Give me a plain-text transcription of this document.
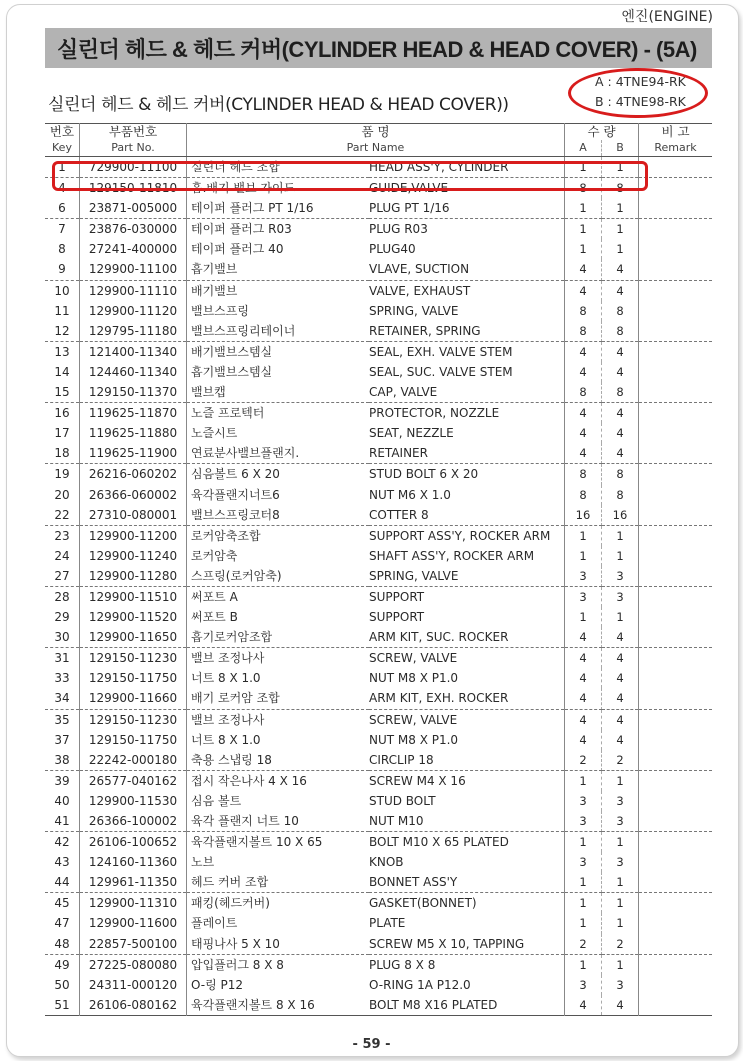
엔진(ENGINE)
실린더 헤드 & 헤드 커버(CYLINDER HEAD & HEAD COVER) - (5A)
실린더 헤드 & 헤드 커버(CYLINDER HEAD & HEAD COVER))
A : 4TNE94-RK
B : 4TNE98-RK
번호	부품번호	품 명		수 량		비 고
Key	Part No.	Part Name		A	B	Remark
1	729900-11100	실린더 헤드 조합	HEAD ASS'Y, CYLINDER	1	1	
4	129150-11810	흡.배기 밸브 가이드	GUIDE,VALVE	8	8	
6	23871-005000	테이퍼 플러그 PT 1/16	PLUG PT 1/16	1	1	
7	23876-030000	테이퍼 플러그 R03	PLUG R03	1	1	
8	27241-400000	테이퍼 플러그 40	PLUG40	1	1	
9	129900-11100	흡기밸브	VLAVE, SUCTION	4	4	
10	129900-11110	배기밸브	VALVE, EXHAUST	4	4	
11	129900-11120	밸브스프링	SPRING, VALVE	8	8	
12	129795-11180	밸브스프링리테이너	RETAINER, SPRING	8	8	
13	121400-11340	배기밸브스템실	SEAL, EXH. VALVE STEM	4	4	
14	124460-11340	흡기밸브스템실	SEAL, SUC. VALVE STEM	4	4	
15	129150-11370	밸브캡	CAP, VALVE	8	8	
16	119625-11870	노즐 프로텍터	PROTECTOR, NOZZLE	4	4	
17	119625-11880	노즐시트	SEAT, NEZZLE	4	4	
18	119625-11900	연료분사밸브플랜지.	RETAINER	4	4	
19	26216-060202	심음볼트 6 X 20	STUD BOLT 6 X 20	8	8	
20	26366-060002	육각플랜지너트6	NUT M6 X 1.0	8	8	
22	27310-080001	밸브스프링코터8	COTTER 8	16	16	
23	129900-11200	로커암축조합	SUPPORT ASS'Y, ROCKER ARM	1	1	
24	129900-11240	로커암축	SHAFT ASS'Y, ROCKER ARM	1	1	
27	129900-11280	스프링(로커암축)	SPRING, VALVE	3	3	
28	129900-11510	써포트 A	SUPPORT	3	3	
29	129900-11520	써포트 B	SUPPORT	1	1	
30	129900-11650	흡기로커암조합	ARM KIT, SUC. ROCKER	4	4	
31	129150-11230	밸브 조정나사	SCREW, VALVE	4	4	
33	129150-11750	너트 8 X 1.0	NUT M8 X P1.0	4	4	
34	129900-11660	배기 로커암 조합	ARM KIT, EXH. ROCKER	4	4	
35	129150-11230	밸브 조정나사	SCREW, VALVE	4	4	
37	129150-11750	너트 8 X 1.0	NUT M8 X P1.0	4	4	
38	22242-000180	축용 스냅링 18	CIRCLIP 18	2	2	
39	26577-040162	접시 작은나사 4 X 16	SCREW M4 X 16	1	1	
40	129900-11530	심음 볼트	STUD BOLT	3	3	
41	26366-100002	육각 플랜지 너트 10	NUT M10	3	3	
42	26106-100652	육각플랜지볼트 10 X 65	BOLT M10 X 65 PLATED	1	1	
43	124160-11360	노브	KNOB	3	3	
44	129961-11350	헤드 커버 조합	BONNET ASS'Y	1	1	
45	129900-11310	패킹(헤드커버)	GASKET(BONNET)	1	1	
47	129900-11600	플레이트	PLATE	1	1	
48	22857-500100	태핑나사 5 X 10	SCREW M5 X 10, TAPPING	2	2	
49	27225-080080	압입플러그 8 X 8	PLUG 8 X 8	1	1	
50	24311-000120	O-링 P12	O-RING 1A P12.0	3	3	
51	26106-080162	육각플랜지볼트 8 X 16	BOLT M8 X16 PLATED	4	4	
- 59 -
